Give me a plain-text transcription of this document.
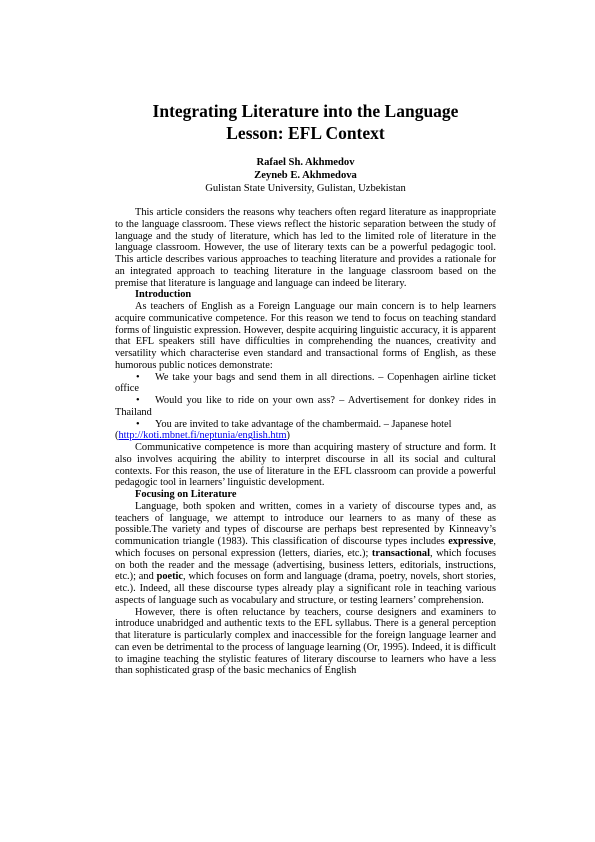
Integrating Literature into the Language
Lesson: EFL Context
Rafael Sh. Akhmedov
Zeyneb E. Akhmedova
Gulistan State University, Gulistan, Uzbekistan

This article considers the reasons why teachers often regard literature as inappropriate to the language classroom. These views reflect the historic separation between the study of language and the study of literature, which has led to the limited role of literature in the language classroom. However, the use of literary texts can be a powerful pedagogic tool. This article describes various approaches to teaching literature and provides a rationale for an integrated approach to teaching literature in the language classroom based on the premise that literature is language and language can indeed be literary.

Introduction

As teachers of English as a Foreign Language our main concern is to help learners acquire communicative competence. For this reason we tend to focus on teaching standard forms of linguistic expression. However, despite acquiring linguistic accuracy, it is apparent that EFL speakers still have difficulties in comprehending the nuances, creativity and versatility which characterise even standard and transactional forms of English, as these humorous public notices demonstrate:

• We take your bags and send them in all directions. – Copenhagen airline ticket office

• Would you like to ride on your own ass? – Advertisement for donkey rides in Thailand

• You are invited to take advantage of the chambermaid. – Japanese hotel

(http://koti.mbnet.fi/neptunia/english.htm)

Communicative competence is more than acquiring mastery of structure and form. It also involves acquiring the ability to interpret discourse in all its social and cultural contexts. For this reason, the use of literature in the EFL classroom can provide a powerful pedagogic tool in learners’ linguistic development.

Focusing on Literature

Language, both spoken and written, comes in a variety of discourse types and, as teachers of language, we attempt to introduce our learners to as many of these as possible.The variety and types of discourse are perhaps best represented by Kinneavy’s communication triangle (1983). This classification of discourse types includes expressive, which focuses on personal expression (letters, diaries, etc.); transactional, which focuses on both the reader and the message (advertising, business letters, editorials, instructions, etc.); and poetic, which focuses on form and language (drama, poetry, novels, short stories, etc.). Indeed, all these discourse types already play a significant role in teaching various aspects of language such as vocabulary and structure, or testing learners’ comprehension.

However, there is often reluctance by teachers, course designers and examiners to introduce unabridged and authentic texts to the EFL syllabus. There is a general perception that literature is particularly complex and inaccessible for the foreign language learner and can even be detrimental to the process of language learning (Or, 1995). Indeed, it is difficult to imagine teaching the stylistic features of literary discourse to learners who have a less than sophisticated grasp of the basic mechanics of English
